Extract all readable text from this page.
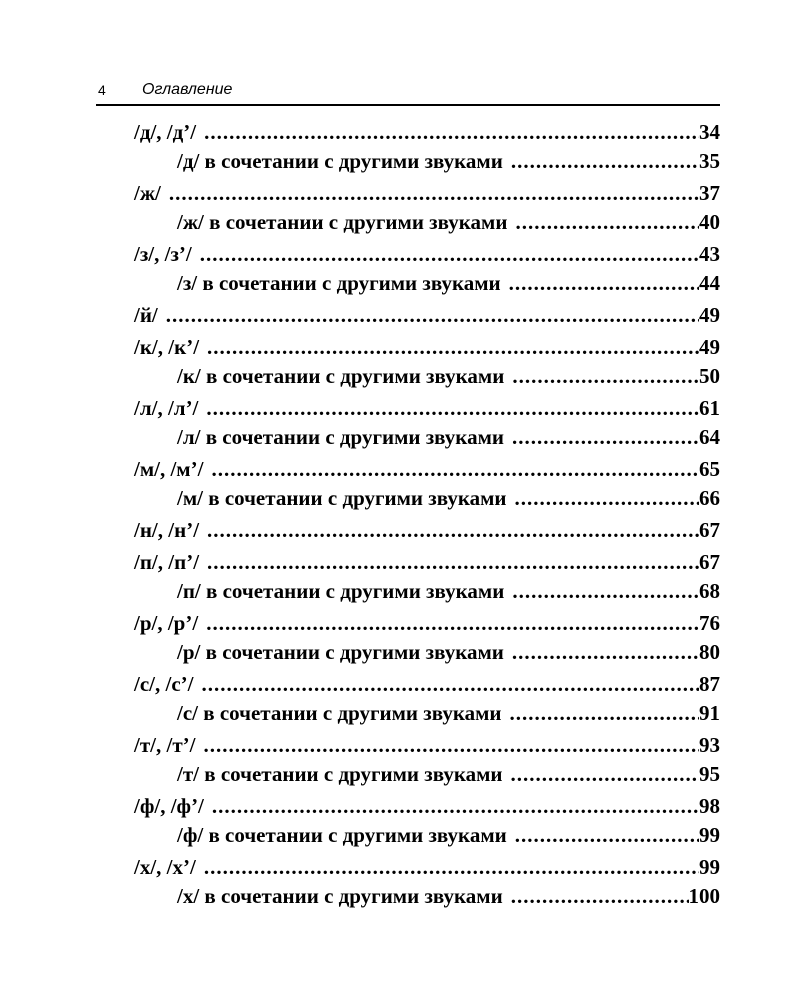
4 Оглавление
/д/, /д’/ .....	34
/д/ в сочетании с другими звуками .....	35
/ж/ .....	37
/ж/ в сочетании с другими звуками .....	40
/з/, /з’/ .....	43
/з/ в сочетании с другими звуками .....	44
/й/ .....	49
/к/, /к’/ .....	49
/к/ в сочетании с другими звуками .....	50
/л/, /л’/ .....	61
/л/ в сочетании с другими звуками .....	64
/м/, /м’/ .....	65
/м/ в сочетании с другими звуками .....	66
/н/, /н’/ .....	67
/п/, /п’/ .....	67
/п/ в сочетании с другими звуками .....	68
/р/, /р’/ .....	76
/р/ в сочетании с другими звуками .....	80
/с/, /с’/ .....	87
/с/ в сочетании с другими звуками .....	91
/т/, /т’/ .....	93
/т/ в сочетании с другими звуками .....	95
/ф/, /ф’/ .....	98
/ф/ в сочетании с другими звуками .....	99
/х/, /х’/ .....	99
/х/ в сочетании с другими звуками .....	100
